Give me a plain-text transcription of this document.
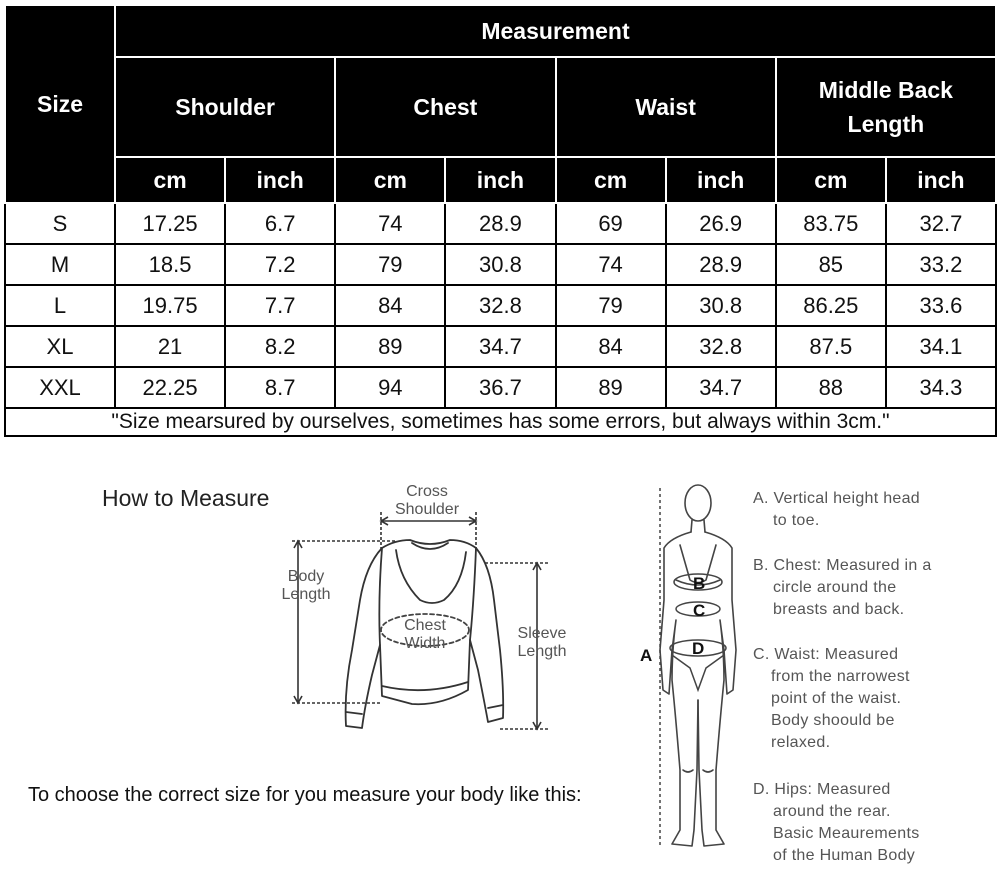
Size	Measurement							
	Shoulder		Chest		Waist		Middle Back Length	

	cm	inch	cm	inch	cm	inch	cm	inch
S	17.25	6.7	74	28.9	69	26.9	83.75	32.7
M	18.5	7.2	79	30.8	74	28.9	85	33.2
L	19.75	7.7	84	32.8	79	30.8	86.25	33.6
XL	21	8.2	89	34.7	84	32.8	87.5	34.1
XXL	22.25	8.7	94	36.7	89	34.7	88	34.3
"Size mearsured by ourselves, sometimes has some errors, but always within 3cm."								
How to Measure
To choose the correct size for you measure your body like this:
Cross
Shoulder
Body
Length
Chest
Width
Sleeve
Length	A
B
C
D
A. Vertical height head
to toe.
B. Chest: Measured in a
circle around the
breasts and back.
C. Waist: Measured
from the narrowest
point of the waist.
Body shoould be
relaxed.
D. Hips: Measured
around the rear.
Basic Meaurements
of the Human Body
